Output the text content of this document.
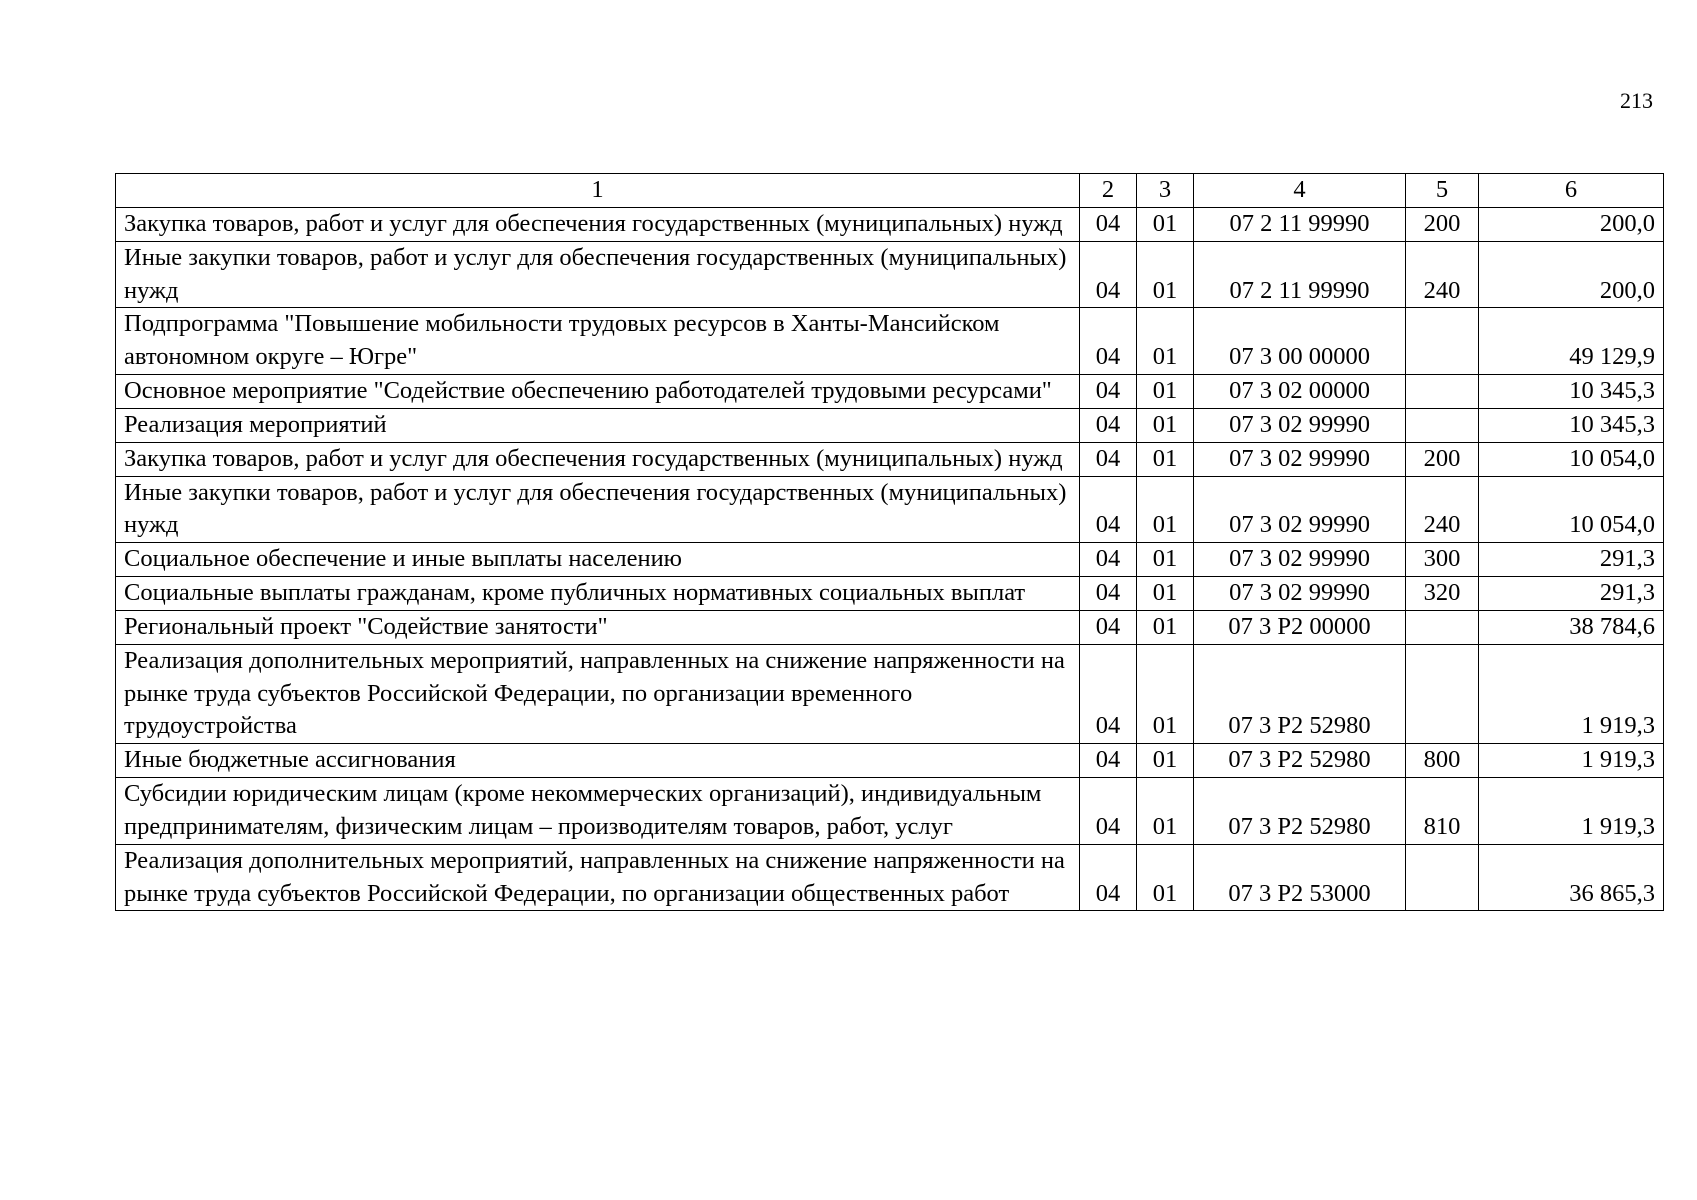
213
1	2	3	4	5	6
Закупка товаров, работ и услуг для обеспечения государственных (муниципальных) нужд	04	01	07 2 11 99990	200	200,0
Иные закупки товаров, работ и услуг для обеспечения государственных (муниципальных) нужд	04	01	07 2 11 99990	240	200,0
Подпрограмма "Повышение мобильности трудовых ресурсов в Ханты-Мансийском автономном округе – Югре"	04	01	07 3 00 00000		49 129,9
Основное мероприятие "Содействие обеспечению работодателей трудовыми ресурсами"	04	01	07 3 02 00000		10 345,3
Реализация мероприятий	04	01	07 3 02 99990		10 345,3
Закупка товаров, работ и услуг для обеспечения государственных (муниципальных) нужд	04	01	07 3 02 99990	200	10 054,0
Иные закупки товаров, работ и услуг для обеспечения государственных (муниципальных) нужд	04	01	07 3 02 99990	240	10 054,0
Социальное обеспечение и иные выплаты населению	04	01	07 3 02 99990	300	291,3
Социальные выплаты гражданам, кроме публичных нормативных социальных выплат	04	01	07 3 02 99990	320	291,3
Региональный проект "Содействие занятости"	04	01	07 3 P2 00000		38 784,6
Реализация дополнительных мероприятий, направленных на снижение напряженности на рынке труда субъектов Российской Федерации, по организации временного трудоустройства	04	01	07 3 P2 52980		1 919,3
Иные бюджетные ассигнования	04	01	07 3 P2 52980	800	1 919,3
Субсидии юридическим лицам (кроме некоммерческих организаций), индивидуальным предпринимателям, физическим лицам – производителям товаров, работ, услуг	04	01	07 3 P2 52980	810	1 919,3
Реализация дополнительных мероприятий, направленных на снижение напряженности на рынке труда субъектов Российской Федерации, по организации общественных работ	04	01	07 3 P2 53000		36 865,3
